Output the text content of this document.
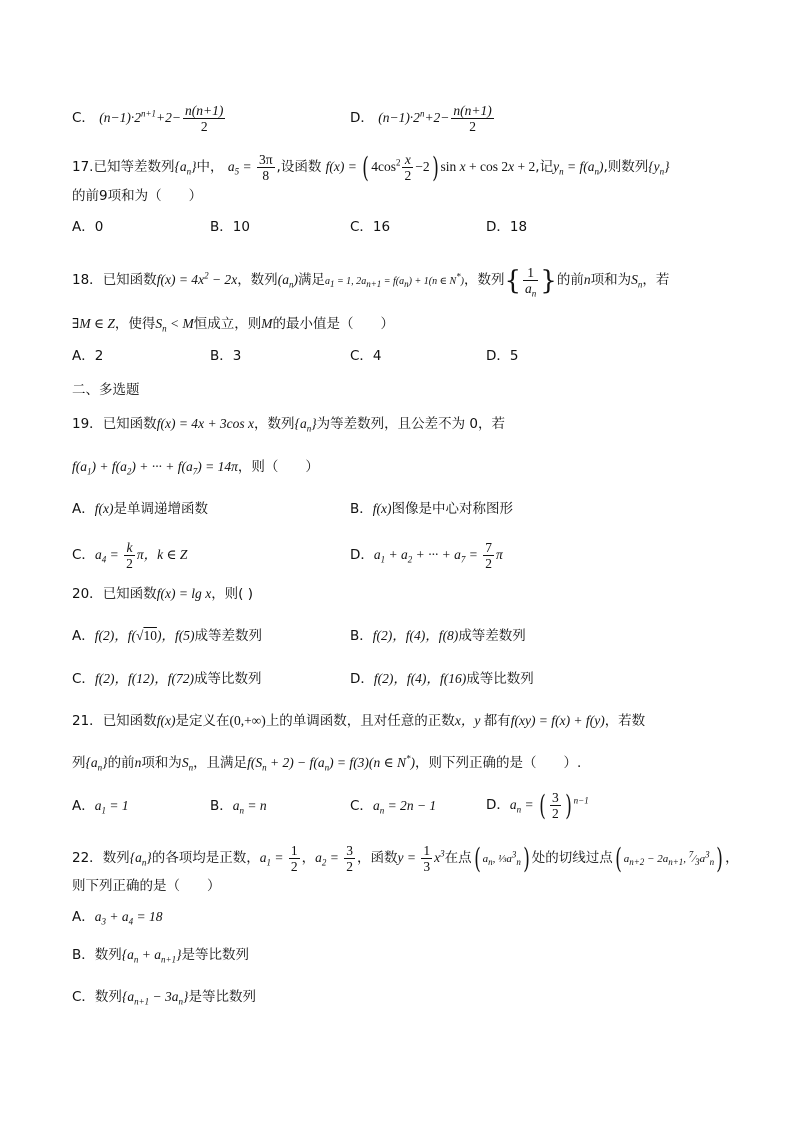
C． $(n-1)\cdot 2^{n+1}+2- \frac{n(n+1)}{2}$	D． $(n-1)\cdot 2^n+2- \frac{n(n+1)}{2}$
17.已知等差数列$\{a_n\}$中， $a_5 = \frac{3\pi}{8}$ ,设函数 f(x) = ( $4\cos^2 \frac{x}{2} -2$) sin x + cos 2x + 2,记$y_n = f(a_n)$,则数列$\{y_n\}$
的前9项和为（　　）
A．0	B．10	C．16	D．18
18．已知函数$f(x) = 4x^2 - 2x$，数列$(a_n)$满足$a_1 = 1$, $2a_{n+1} = f(a_n) + 1(n$ ∈ N*)，数列{ $\frac{1}{a_n}$ }的前n项和为$S_n$，若
∃M ∈ Z，使得$S_n < M$恒成立，则M的最小值是（　　）
A．2	B．3	C．4	D．5
二、多选题
19．已知函数f(x) = 4x + 3cos x，数列$\{a_n\}$为等差数列，且公差不为 0，若
$f(a_1) + f(a_2)$ + ··· + $f(a_7) = 14\pi$，则（　　）
A．f(x)是单调递增函数	B．f(x)图像是中心对称图形
C．$a_4 = \frac{k}{2}$ π，k ∈ Z	D．$a_1 + a_2$ + ··· + $a_7 = \frac{7}{2}$ π
20．已知函数f(x) = lg x，则( )
A．f(2)，f(√10)，f(5)成等差数列	B．f(2)，f(4)，f(8)成等差数列
C．f(2)，f(12)，f(72)成等比数列	D．f(2)，f(4)，f(16)成等比数列
21．已知函数f(x)是定义在(0,+∞)上的单调函数，且对任意的正数x，y 都有f(xy) = f(x) + f(y)，若数
列$\{a_n\}$的前n项和为$S_n$，且满足$f(S_n + 2) - f(a_n) = f(3)(n$ ∈ N*)，则下列正确的是（　　）.
A．$a_1 = 1$	B．$a_n = n$	C．$a_n = 2n - 1$	D．$a_n$ = ( $\frac{3}{2}$ ) $^{n-1}$
22．数列$\{a_n\}$的各项均是正数，$a_1 = \frac{1}{2}$ ，$a_2 = \frac{3}{2}$ ，函数$y = \frac{1}{3} x^3$在点( $a_n$, $\frac{1}{3}a^3_n$) 处的切线过点( $a_{n+2} - 2a_{n+1}$, $^7⁄_3a^3_n$) ，
则下列正确的是（　　）
A．$a_3 + a_4 = 18$
B．数列$\{a_n + a_{n+1}\}$是等比数列
C．数列$\{a_{n+1} - 3a_n\}$是等比数列
